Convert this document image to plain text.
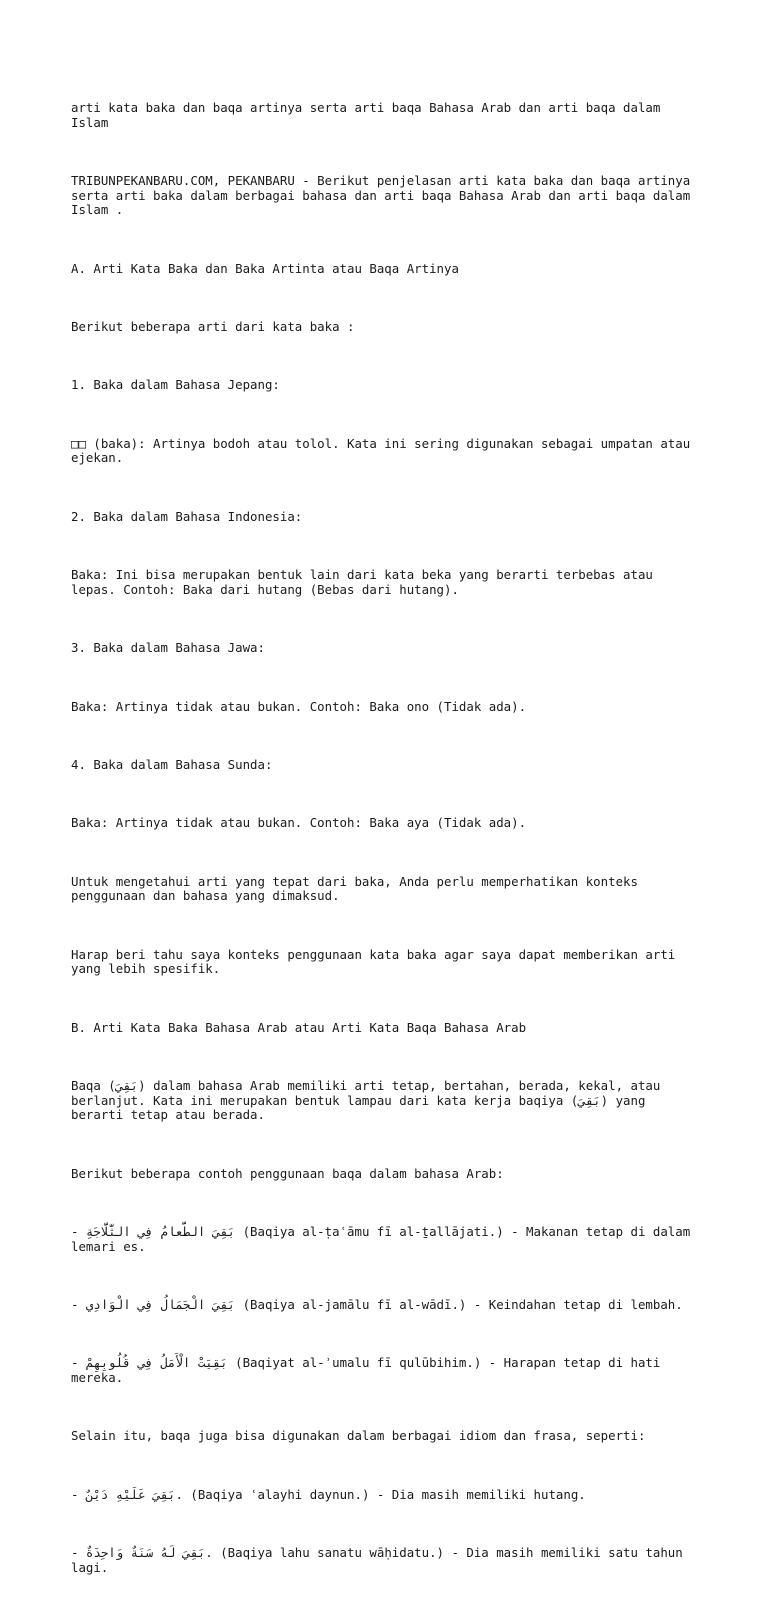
arti kata baka dan baqa artinya serta arti baqa Bahasa Arab dan arti baqa dalam
Islam

TRIBUNPEKANBARU.COM, PEKANBARU - Berikut penjelasan arti kata baka dan baqa artinya
serta arti baka dalam berbagai bahasa dan arti baqa Bahasa Arab dan arti baqa dalam
Islam .

A. Arti Kata Baka dan Baka Artinta atau Baqa Artinya

Berikut beberapa arti dari kata baka :

1. Baka dalam Bahasa Jepang:

□□ (baka): Artinya bodoh atau tolol. Kata ini sering digunakan sebagai umpatan atau
ejekan.

2. Baka dalam Bahasa Indonesia:

Baka: Ini bisa merupakan bentuk lain dari kata beka yang berarti terbebas atau
lepas. Contoh: Baka dari hutang (Bebas dari hutang).

3. Baka dalam Bahasa Jawa:

Baka: Artinya tidak atau bukan. Contoh: Baka ono (Tidak ada).

4. Baka dalam Bahasa Sunda:

Baka: Artinya tidak atau bukan. Contoh: Baka aya (Tidak ada).

Untuk mengetahui arti yang tepat dari baka, Anda perlu memperhatikan konteks
penggunaan dan bahasa yang dimaksud.

Harap beri tahu saya konteks penggunaan kata baka agar saya dapat memberikan arti
yang lebih spesifik.

B. Arti Kata Baka Bahasa Arab atau Arti Kata Baqa Bahasa Arab

Baqa (بَقِيَ) dalam bahasa Arab memiliki arti tetap, bertahan, berada, kekal, atau
berlanjut. Kata ini merupakan bentuk lampau dari kata kerja baqiya (بَقِيَ) yang
berarti tetap atau berada.

Berikut beberapa contoh penggunaan baqa dalam bahasa Arab:

- بَقِيَ الطَّعامُ فِي الثَّلَّاجَةِ (Baqiya al-ṭaʿāmu fī al-ṯallājati.) - Makanan tetap di dalam
lemari es.

- بَقِيَ الْجَمَالُ فِي الْوَادِي (Baqiya al-jamālu fī al-wādī.) - Keindahan tetap di lembah.

- بَقِيَتْ الْأَمَلُ فِي قُلُوبِهِمْ (Baqiyat al-ʾumalu fī qulūbihim.) - Harapan tetap di hati
mereka.

Selain itu, baqa juga bisa digunakan dalam berbagai idiom dan frasa, seperti:

- بَقِيَ عَلَيْهِ دَيْنٌ. (Baqiya ʿalayhi daynun.) - Dia masih memiliki hutang.

- بَقِيَ لَهُ سَنَةٌ وَاحِدَةٌ. (Baqiya lahu sanatu wāḥidatu.) - Dia masih memiliki satu tahun
lagi.
